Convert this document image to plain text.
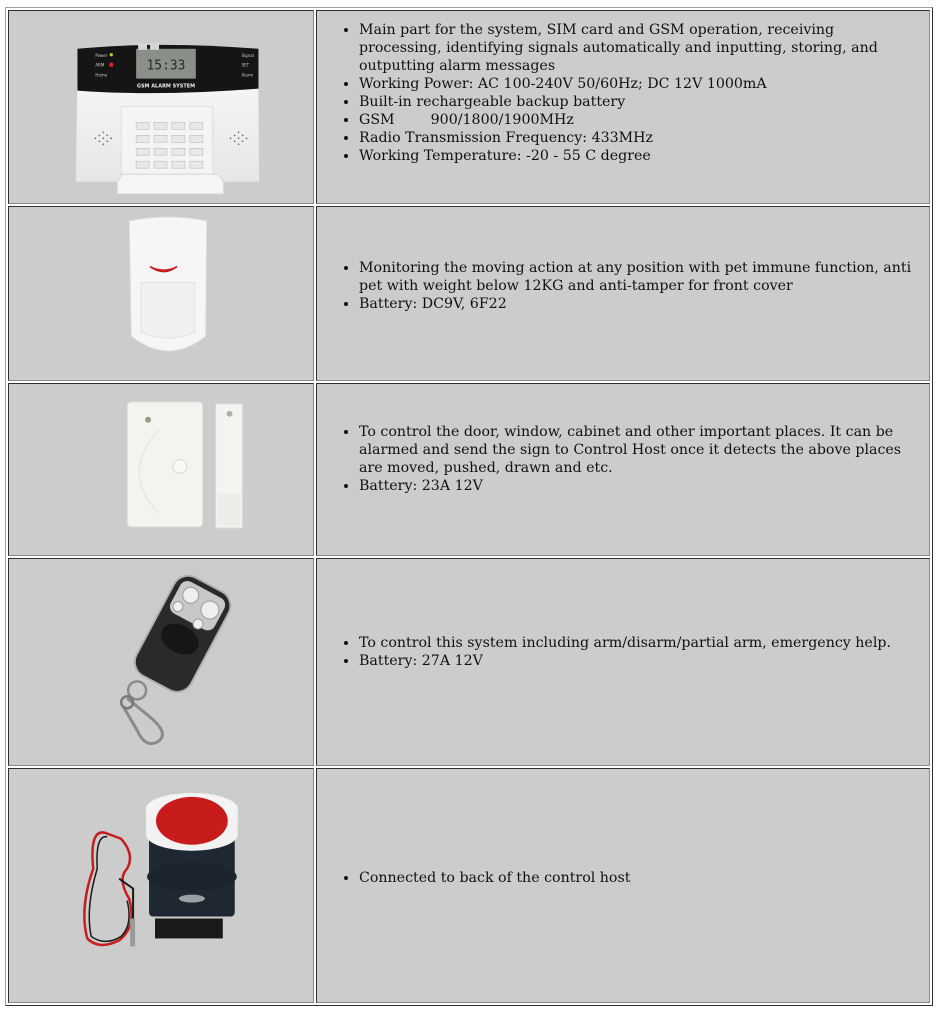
15:33
GSM ALARM SYSTEM
Power
ARM
Home
Signal
SET
Alarm

• Main part for the system, SIM card and GSM operation, receiving processing, identifying signals automatically and inputting, storing, and outputting alarm messages
• Working Power: AC 100-240V 50/60Hz; DC 12V 1000mA
• Built-in rechargeable backup battery
• GSM        900/1800/1900MHz
• Radio Transmission Frequency: 433MHz
• Working Temperature: -20 - 55 C degree

• Monitoring the moving action at any position with pet immune function, anti pet with weight below 12KG and anti-tamper for front cover
• Battery: DC9V, 6F22

• To control the door, window, cabinet and other important places. It can be alarmed and send the sign to Control Host once it detects the above places are moved, pushed, drawn and etc.
• Battery: 23A 12V

• To control this system including arm/disarm/partial arm, emergency help.
• Battery: 27A 12V

• Connected to back of the control host
